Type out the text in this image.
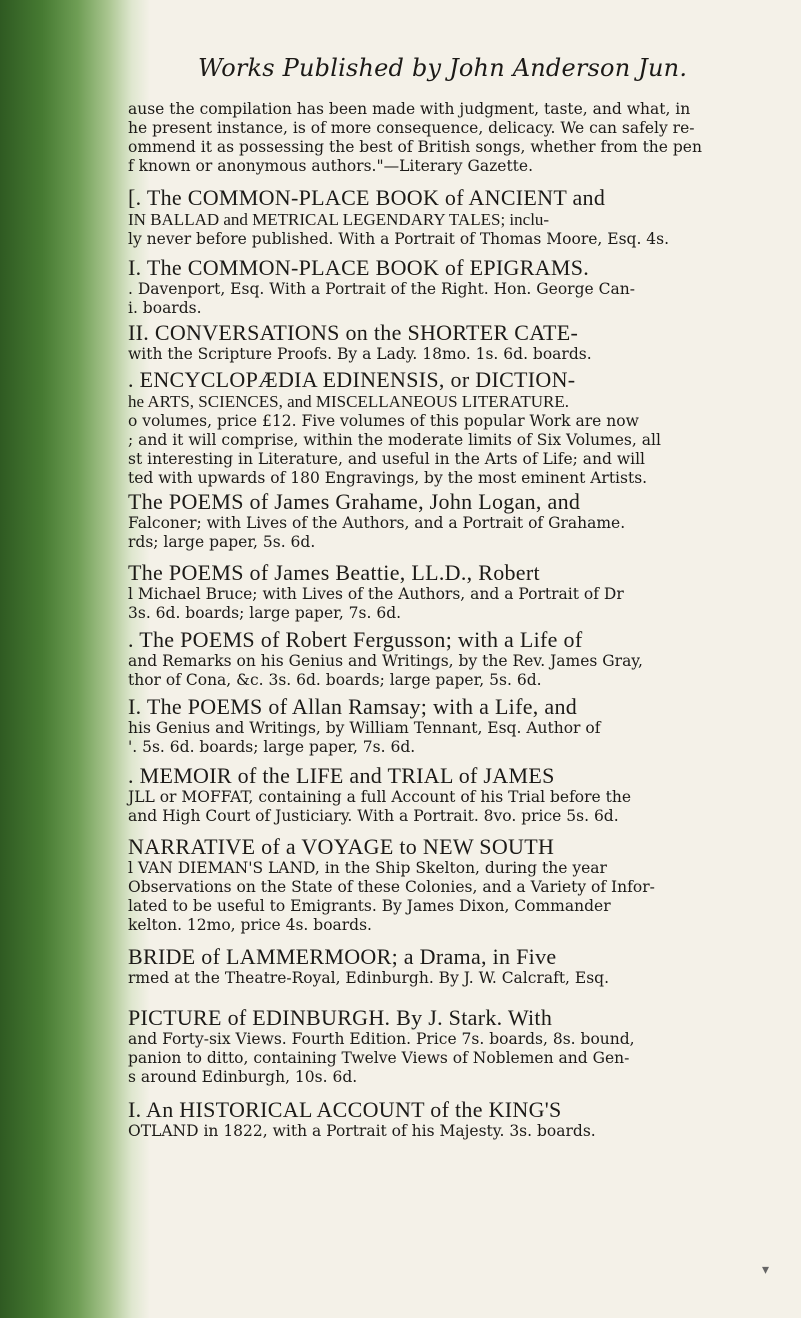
Works Published by John Anderson Jun.

ause the compilation has been made with judgment, taste, and what, in

he present instance, is of more consequence, delicacy. We can safely re-

ommend it as possessing the best of British songs, whether from the pen

f known or anonymous authors."—Literary Gazette.

[. The COMMON-PLACE BOOK of ANCIENT and

IN BALLAD and METRICAL LEGENDARY TALES; inclu-

ly never before published. With a Portrait of Thomas Moore, Esq. 4s.

I. The COMMON-PLACE BOOK of EPIGRAMS.

. Davenport, Esq. With a Portrait of the Right. Hon. George Can-

i. boards.

II. CONVERSATIONS on the SHORTER CATE-

with the Scripture Proofs. By a Lady. 18mo. 1s. 6d. boards.

. ENCYCLOPÆDIA EDINENSIS, or DICTION-

he ARTS, SCIENCES, and MISCELLANEOUS LITERATURE.

o volumes, price £12. Five volumes of this popular Work are now

; and it will comprise, within the moderate limits of Six Volumes, all

st interesting in Literature, and useful in the Arts of Life; and will

ted with upwards of 180 Engravings, by the most eminent Artists.

The POEMS of James Grahame, John Logan, and

Falconer; with Lives of the Authors, and a Portrait of Grahame.

rds; large paper, 5s. 6d.

The POEMS of James Beattie, LL.D., Robert

l Michael Bruce; with Lives of the Authors, and a Portrait of Dr

3s. 6d. boards; large paper, 7s. 6d.

. The POEMS of Robert Fergusson; with a Life of

and Remarks on his Genius and Writings, by the Rev. James Gray,

thor of Cona, &c. 3s. 6d. boards; large paper, 5s. 6d.

I. The POEMS of Allan Ramsay; with a Life, and

his Genius and Writings, by William Tennant, Esq. Author of

'. 5s. 6d. boards; large paper, 7s. 6d.

. MEMOIR of the LIFE and TRIAL of JAMES

JLL or MOFFAT, containing a full Account of his Trial before the

and High Court of Justiciary. With a Portrait. 8vo. price 5s. 6d.

NARRATIVE of a VOYAGE to NEW SOUTH

l VAN DIEMAN'S LAND, in the Ship Skelton, during the year

Observations on the State of these Colonies, and a Variety of Infor-

lated to be useful to Emigrants. By James Dixon, Commander

kelton. 12mo, price 4s. boards.

BRIDE of LAMMERMOOR; a Drama, in Five

rmed at the Theatre-Royal, Edinburgh. By J. W. Calcraft, Esq.

PICTURE of EDINBURGH. By J. Stark. With

and Forty-six Views. Fourth Edition. Price 7s. boards, 8s. bound,

panion to ditto, containing Twelve Views of Noblemen and Gen-

s around Edinburgh, 10s. 6d.

I. An HISTORICAL ACCOUNT of the KING'S

OTLAND in 1822, with a Portrait of his Majesty. 3s. boards.

▾
